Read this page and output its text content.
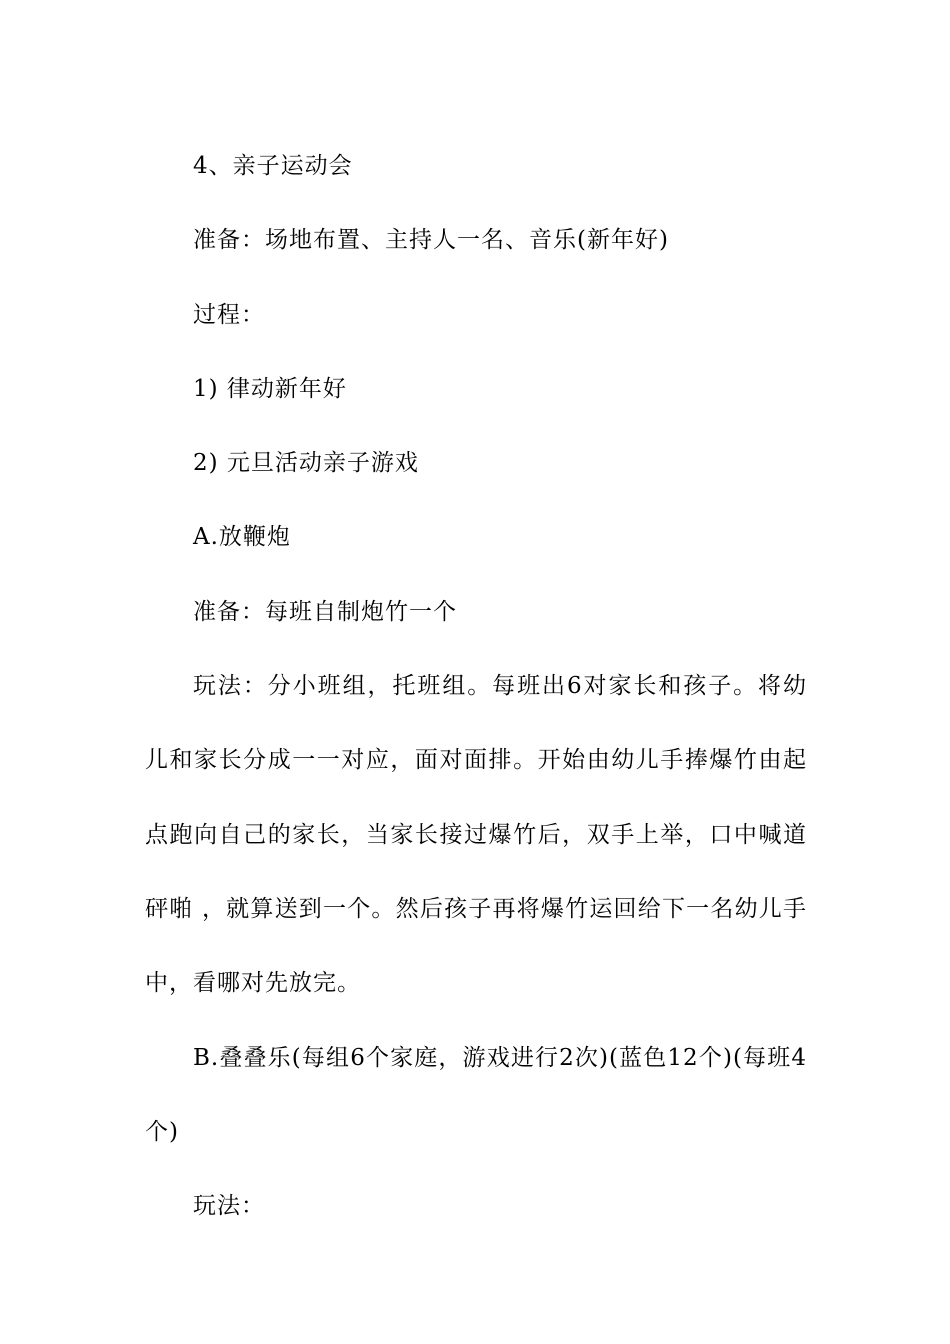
4、亲子运动会

准备：场地布置、主持人一名、音乐(新年好)

过程：

1) 律动新年好

2) 元旦活动亲子游戏

A.放鞭炮

准备：每班自制炮竹一个

玩法：分小班组，托班组。每班出6对家长和孩子。将幼儿和家长分成一一对应，面对面排。开始由幼儿手捧爆竹由起点跑向自己的家长，当家长接过爆竹后，双手上举，口中喊道砰啪 ，就算送到一个。然后孩子再将爆竹运回给下一名幼儿手中，看哪对先放完。

B.叠叠乐(每组6个家庭，游戏进行2次)(蓝色12个)(每班4个)

玩法：
